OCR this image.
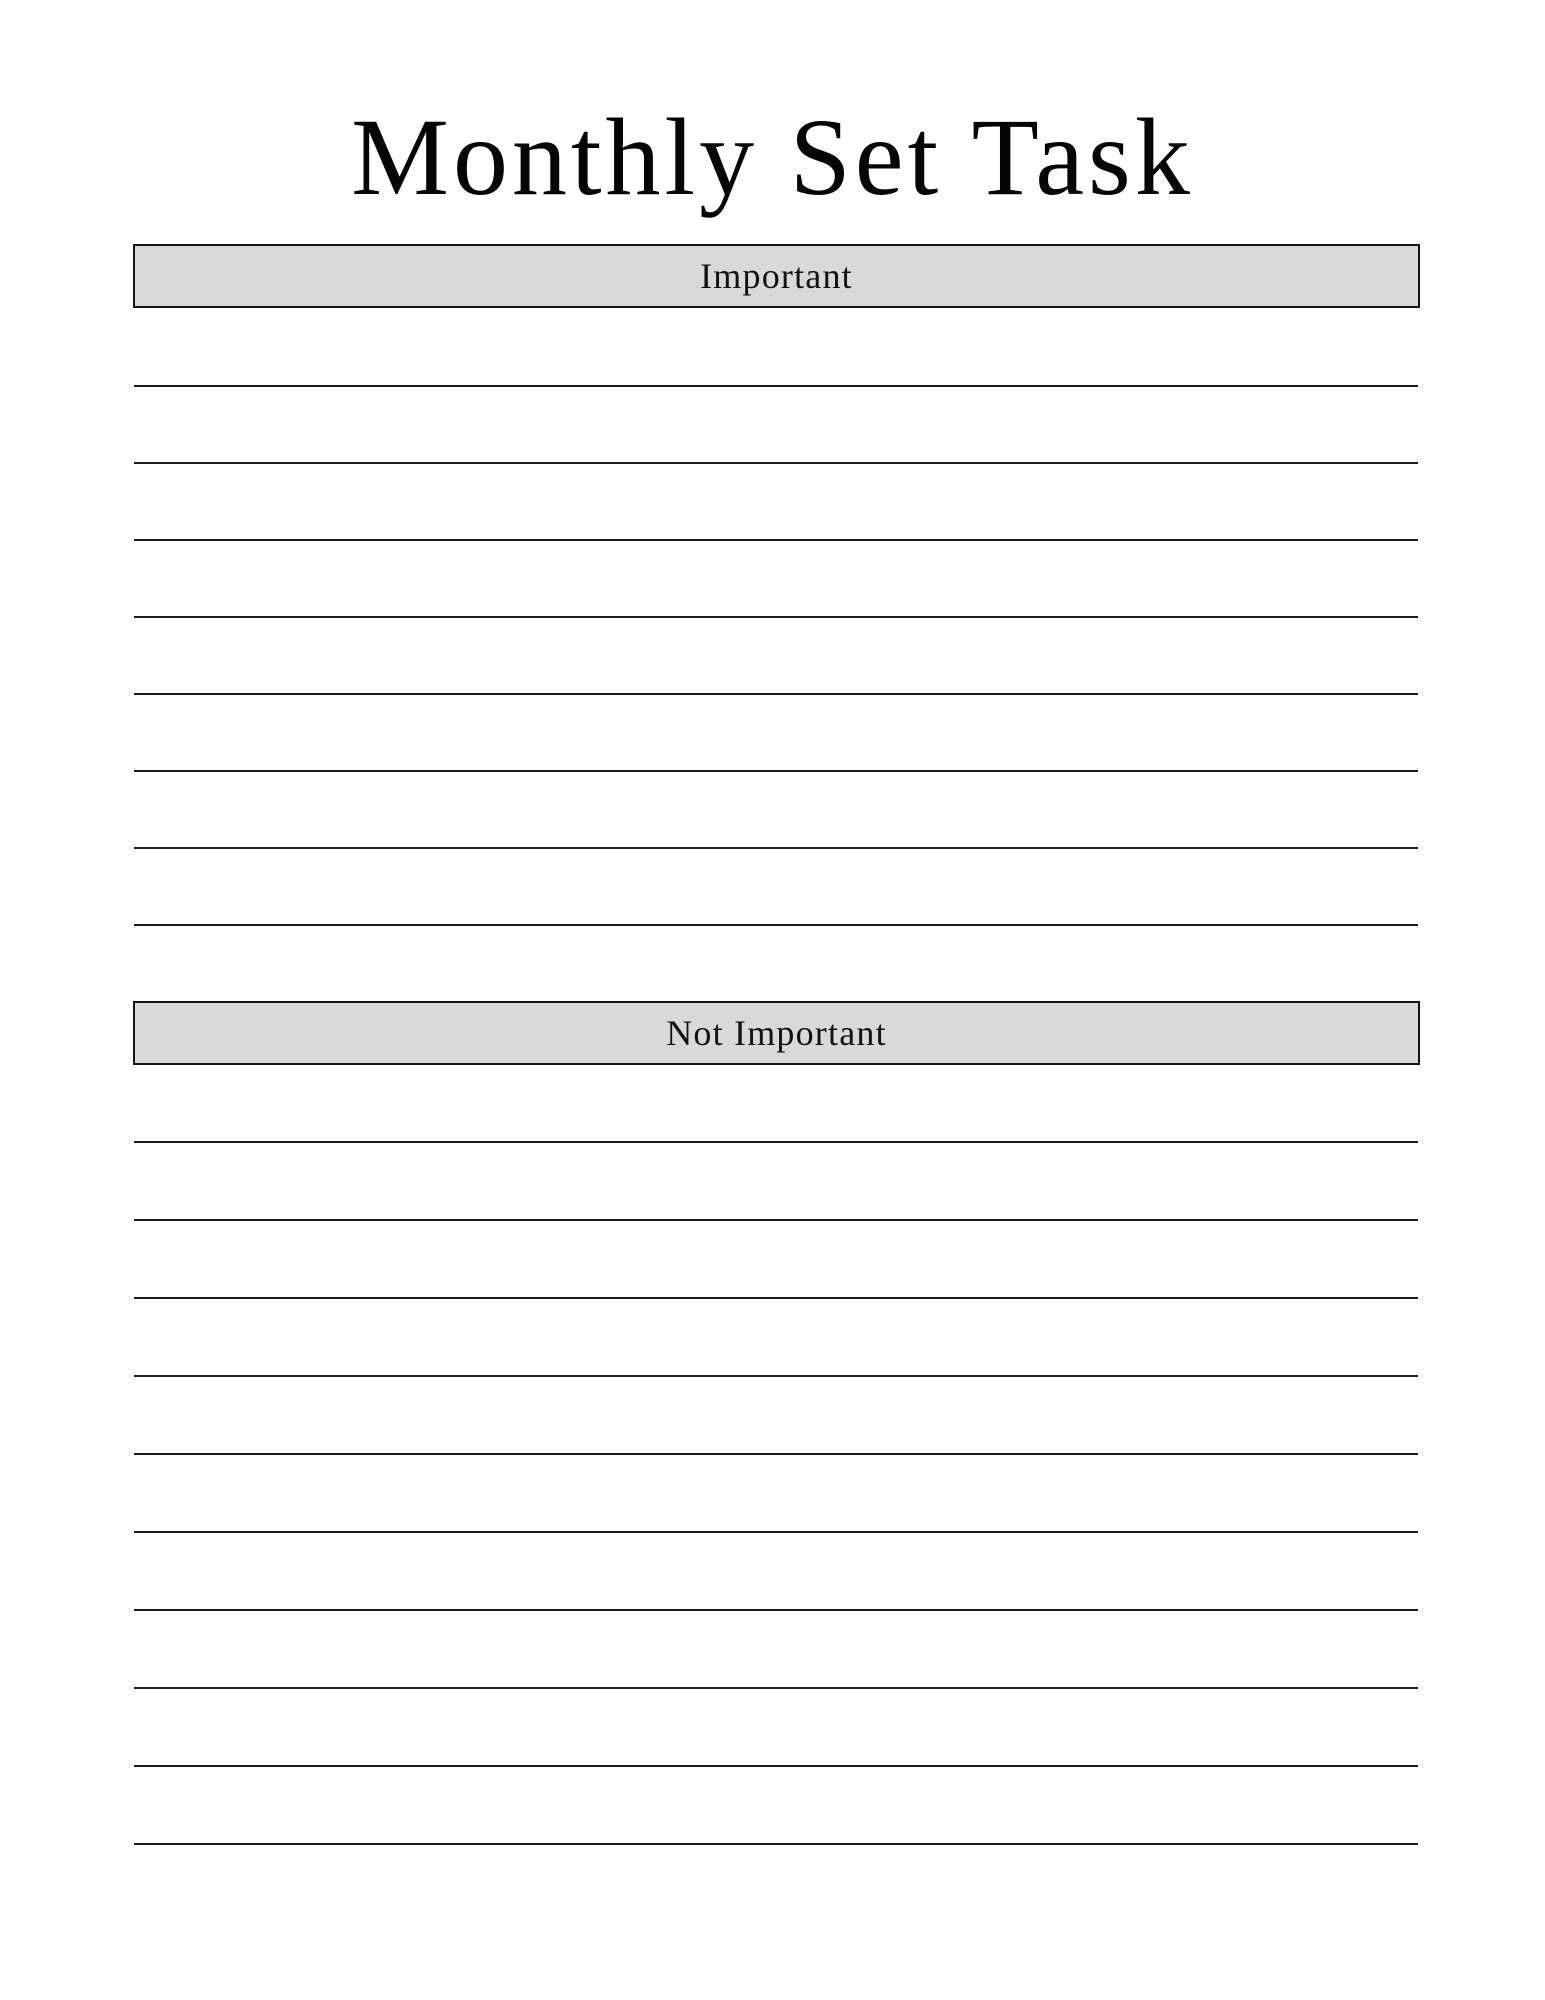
Monthly Set Task
Important
Not Important
